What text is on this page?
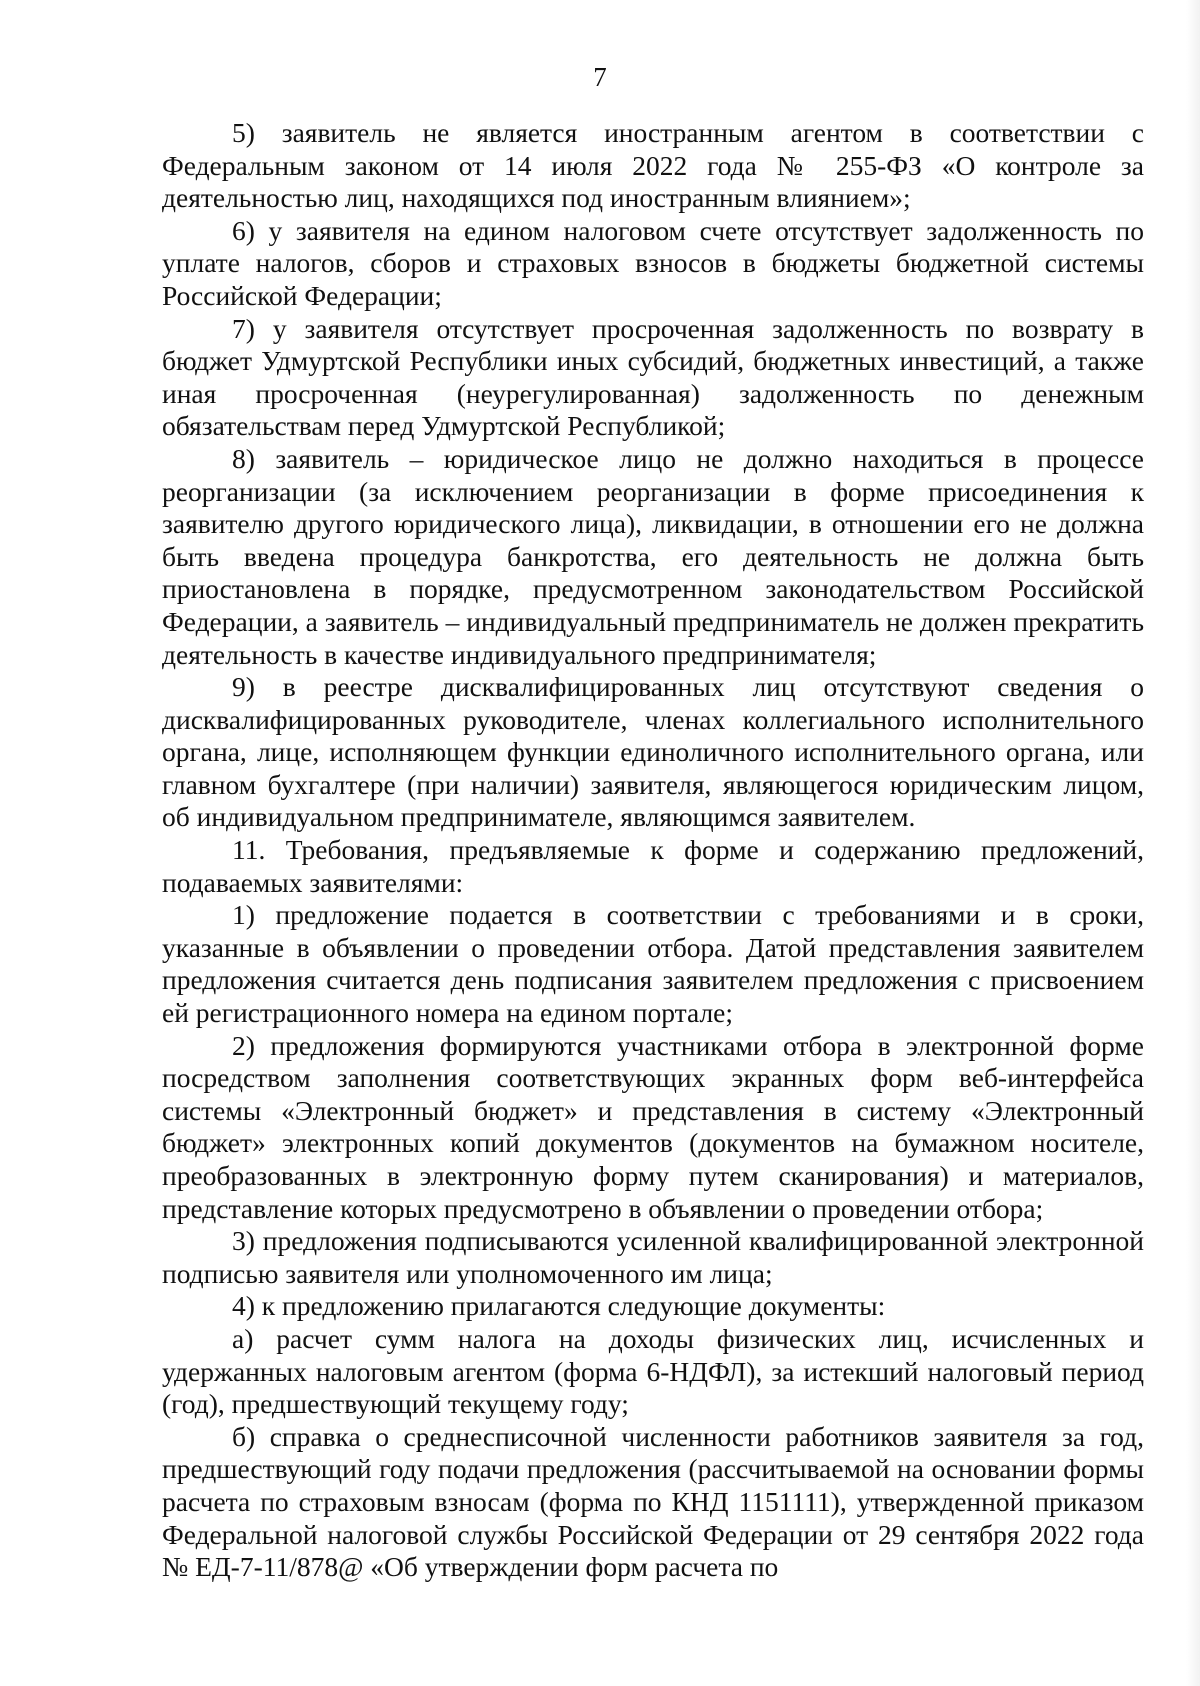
7

5) заявитель не является иностранным агентом в соответствии с Федеральным законом от 14 июля 2022 года № 255-ФЗ «О контроле за деятельностью лиц, находящихся под иностранным влиянием»;

6) у заявителя на едином налоговом счете отсутствует задолженность по уплате налогов, сборов и страховых взносов в бюджеты бюджетной системы Российской Федерации;

7) у заявителя отсутствует просроченная задолженность по возврату в бюджет Удмуртской Республики иных субсидий, бюджетных инвестиций, а также иная просроченная (неурегулированная) задолженность по денежным обязательствам перед Удмуртской Республикой;

8) заявитель – юридическое лицо не должно находиться в процессе реорганизации (за исключением реорганизации в форме присоединения к заявителю другого юридического лица), ликвидации, в отношении его не должна быть введена процедура банкротства, его деятельность не должна быть приостановлена в порядке, предусмотренном законодательством Российской Федерации, а заявитель – индивидуальный предприниматель не должен прекратить деятельность в качестве индивидуального предпринимателя;

9) в реестре дисквалифицированных лиц отсутствуют сведения о дисквалифицированных руководителе, членах коллегиального исполнительного органа, лице, исполняющем функции единоличного исполнительного органа, или главном бухгалтере (при наличии) заявителя, являющегося юридическим лицом, об индивидуальном предпринимателе, являющимся заявителем.

11. Требования, предъявляемые к форме и содержанию предложений, подаваемых заявителями:

1) предложение подается в соответствии с требованиями и в сроки, указанные в объявлении о проведении отбора. Датой представления заявителем предложения считается день подписания заявителем предложения с присвоением ей регистрационного номера на едином портале;

2) предложения формируются участниками отбора в электронной форме посредством заполнения соответствующих экранных форм веб-интерфейса системы «Электронный бюджет» и представления в систему «Электронный бюджет» электронных копий документов (документов на бумажном носителе, преобразованных в электронную форму путем сканирования) и материалов, представление которых предусмотрено в объявлении о проведении отбора;

3) предложения подписываются усиленной квалифицированной электронной подписью заявителя или уполномоченного им лица;

4) к предложению прилагаются следующие документы:

а) расчет сумм налога на доходы физических лиц, исчисленных и удержанных налоговым агентом (форма 6-НДФЛ), за истекший налоговый период (год), предшествующий текущему году;

б) справка о среднесписочной численности работников заявителя за год, предшествующий году подачи предложения (рассчитываемой на основании формы расчета по страховым взносам (форма по КНД 1151111), утвержденной приказом Федеральной налоговой службы Российской Федерации от 29 сентября 2022 года № ЕД-7-11/878@ «Об утверждении форм расчета по
